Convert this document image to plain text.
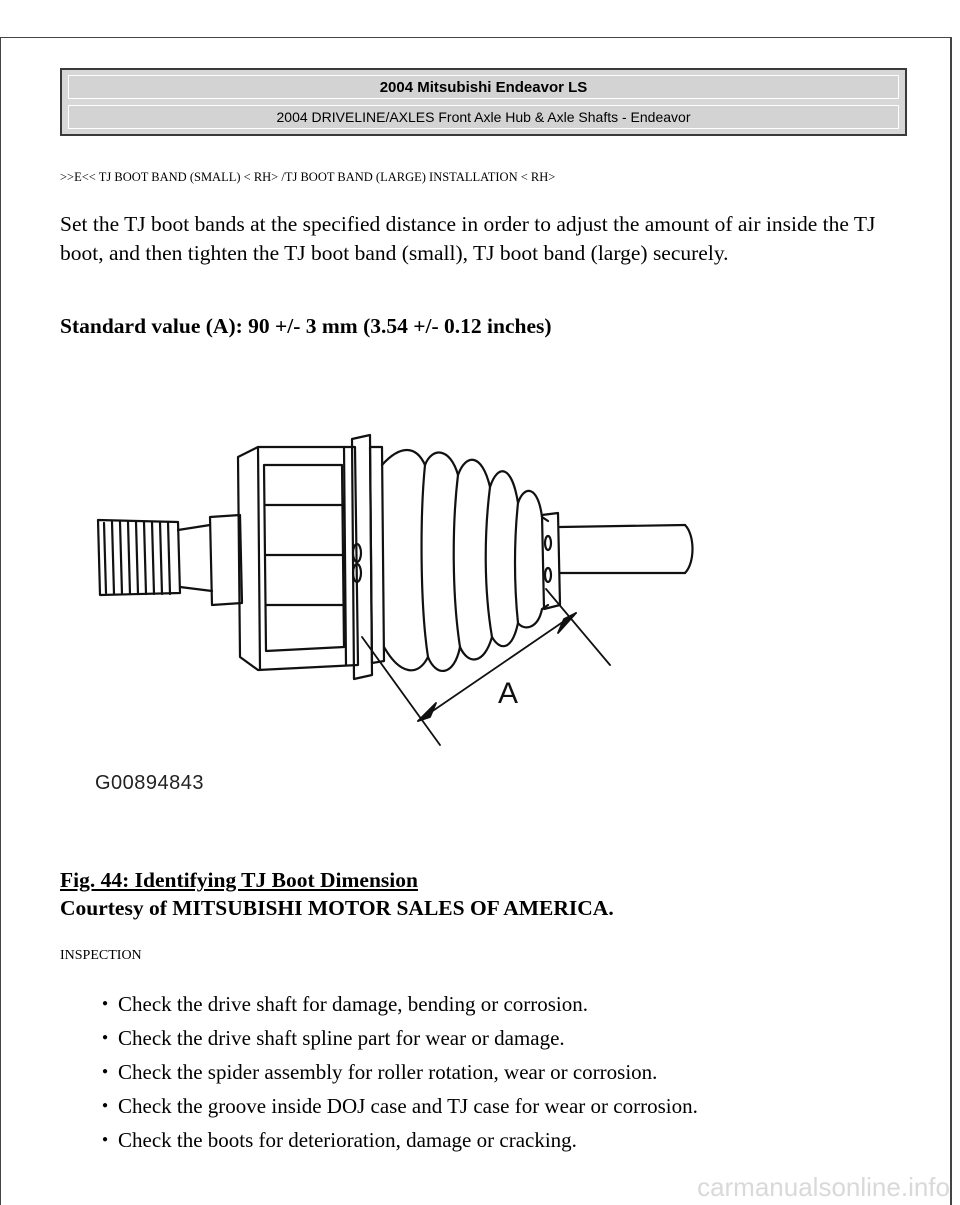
2004 Mitsubishi Endeavor LS
2004 DRIVELINE/AXLES Front Axle Hub & Axle Shafts - Endeavor
>>E<< TJ BOOT BAND (SMALL) < RH> /TJ BOOT BAND (LARGE) INSTALLATION < RH>
Set the TJ boot bands at the specified distance in order to adjust the amount of air inside the TJ boot, and then tighten the TJ boot band (small), TJ boot band (large) securely.
Standard value (A): 90 +/- 3 mm (3.54 +/- 0.12 inches)
A
G00894843
Fig. 44: Identifying TJ Boot Dimension
Courtesy of MITSUBISHI MOTOR SALES OF AMERICA.
INSPECTION
● Check the drive shaft for damage, bending or corrosion.
● Check the drive shaft spline part for wear or damage.
● Check the spider assembly for roller rotation, wear or corrosion.
● Check the groove inside DOJ case and TJ case for wear or corrosion.
● Check the boots for deterioration, damage or cracking.
carmanualsonline.info
